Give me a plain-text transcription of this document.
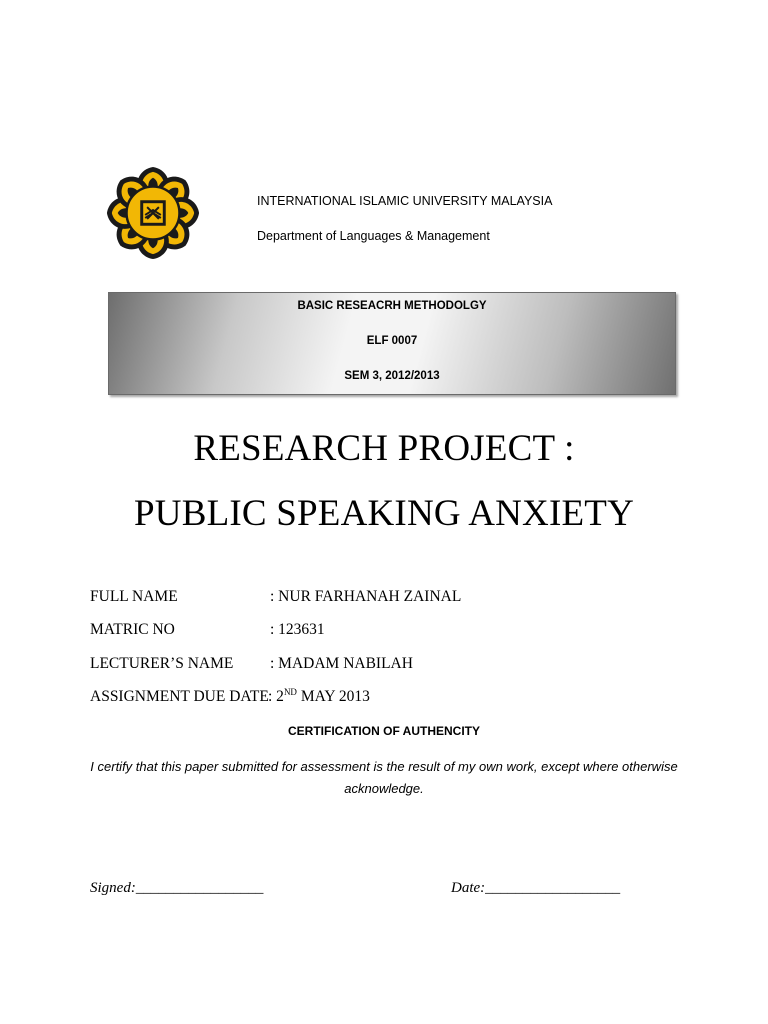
INTERNATIONAL ISLAMIC UNIVERSITY MALAYSIA
Department of Languages & Management
BASIC RESEACRH METHODOLGY
ELF 0007
SEM 3, 2012/2013
RESEARCH PROJECT :
PUBLIC SPEAKING ANXIETY
FULL NAME	: NUR FARHANAH ZAINAL
MATRIC NO	: 123631
LECTURER’S NAME : MADAM NABILAH
ASSIGNMENT DUE DATE : 2ND MAY 2013
CERTIFICATION OF AUTHENCITY
I certify that this paper submitted for assessment is the result of my own work, except where otherwise acknowledge.
Signed:_________________	Date:__________________
